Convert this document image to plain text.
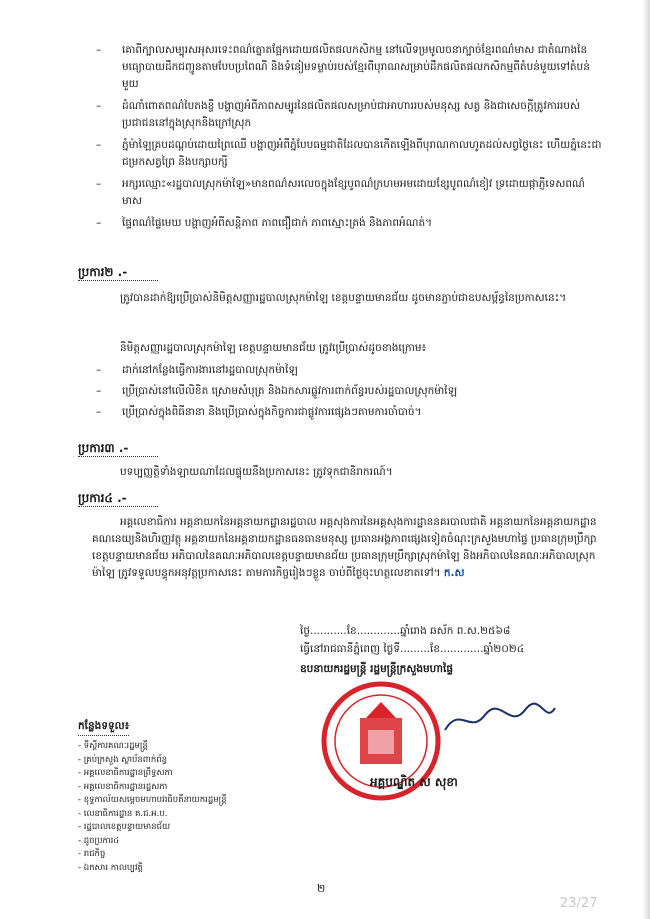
– គោពីក្បាលសម្បុរសអុសរទេះពណ៌ត្នោតផ្អែកដោយផលិតផលកសិកម្ម នៅលើទម្រមូលចនាក្បាច់ខ្មែរពណ៌មាស ជាតំណាងនៃមធ្យោបាយដឹកជញ្ជូនតាមបែបប្រពៃណី និងទំនៀមទម្លាប់របស់ខ្មែរពីបុរាណសម្រាប់ដឹកផលិតផលកសិកម្មពីតំបន់មួយទៅតំបន់មួយ
– ដំណាំពោតពណ៌បៃតងខ្ចី បង្ហាញអំពីភាពសម្បូរនៃផលិតផលសម្រាប់ជាអាហាររបស់មនុស្ស សត្វ និងជាសេចក្ដីត្រូវការរបស់ប្រជាជននៅក្នុងស្រុកនិងក្រៅស្រុក
– ភ្នំម៉ាឡៃគ្របដណ្ដប់ដោយព្រៃឈើ បង្ហាញអំពីភ្នំបែបធម្មជាតិដែលបានកើតឡើងពីបុរាណកាលហូតដល់សព្វថ្ងៃនេះ ហើយភ្នំនេះជាជម្រកសត្វព្រៃ និងបក្សាបក្សី
– អក្សរឈ្មោះ«រដ្ឋបាលស្រុកម៉ាឡៃ»មានពណ៌សរលេចក្នុងខ្សែបូពណ៌ក្រហមអមដោយខ្សែបូពណ៌ខៀវ ទ្រដោយផ្កាភ្ញីទេសពណ៌មាស
– ផ្ទៃពណ៌ផ្ទៃមេឃ បង្ហាញអំពីសន្តិភាព ភាពជឿជាក់ ភាពស្មោះត្រង់ និងភាពអំណត់។
ប្រការ២ .-
ត្រូវបានដាក់ឱ្យប្រើប្រាស់និមិត្តសញ្ញារដ្ឋបាលស្រុកម៉ាឡៃ ខេត្តបន្ទាយមានជ័យ ដូចមានភ្ជាប់ជាឧបសម្ព័ន្ធនៃប្រកាសនេះ។
និមិត្តសញ្ញារដ្ឋបាលស្រុកម៉ាឡៃ ខេត្តបន្ទាយមានជ័យ ត្រូវប្រើប្រាស់ដូចខាងក្រោម៖
– ដាក់នៅកន្លែងធ្វើការងារនៅរដ្ឋបាលស្រុកម៉ាឡៃ
– ប្រើប្រាស់នៅលើលិខិត ស្រោមសំបុត្រ និងឯកសារផ្លូវការពាក់ព័ន្ធរបស់រដ្ឋបាលស្រុកម៉ាឡៃ
– ប្រើប្រាស់ក្នុងពិធីនានា និងប្រើប្រាស់ក្នុងកិច្ចការជាផ្លូវការផ្សេងៗតាមការចាំបាច់។
ប្រការ៣ .-
បទប្បញ្ញត្តិទាំងឡាយណាដែលផ្ទុយនឹងប្រកាសនេះ ត្រូវទុកជានិរាករណ៍។
ប្រការ៤ .-
អគ្គលេខាធិការ អគ្គនាយកនៃអគ្គនាយកដ្ឋានរដ្ឋបាល អគ្គសុងការនៃអគ្គសុងការដ្ឋាននគរបាលជាតិ អគ្គនាយកនៃអគ្គនាយកដ្ឋានគណនេយ្យនិងហិរញ្ញវត្ថុ អគ្គនាយកនៃអគ្គនាយកដ្ឋានធនធានមនុស្ស ប្រធានអង្គភាពផ្សេងទៀតចំណុះក្រសួងមហាផ្ទៃ ប្រធានក្រុមប្រឹក្សាខេត្តបន្ទាយមានជ័យ អភិបាលនៃគណៈអភិបាលខេត្តបន្ទាយមានជ័យ ប្រធានក្រុមប្រឹក្សាស្រុកម៉ាឡៃ និងអភិបាលនៃគណៈអភិបាលស្រុកម៉ាឡៃ ត្រូវទទួលបន្ទុកអនុវត្តប្រកាសនេះ តាមភារកិច្ចរៀងៗខ្លួន ចាប់ពីថ្ងៃចុះហត្ថលេខាតទៅ។ ក.ស
ថ្ងៃ...........ខែ.............ឆ្នាំរោង ឆស័ក ព.ស.២៥៦៨
ធ្វើនៅរាជធានីភ្នំពេញ ថ្ងៃទី.........ខែ.............ឆ្នាំ២០២៤
ឧបនាយករដ្ឋមន្ត្រី រដ្ឋមន្ត្រីក្រសួងមហាផ្ទៃ
អគ្គបណ្ឌិត ស សុខា
កន្លែងទទួល៖
- ទីស្ដីការគណៈរដ្ឋមន្ត្រី
- គ្រប់ក្រសួង ស្ថាប័នពាក់ព័ន្ធ
- អគ្គលេខាធិការដ្ឋានព្រឹទ្ធសភា
- អគ្គលេខាធិការដ្ឋានរដ្ឋសភា
- ខុទ្ទកាល័យសម្ដេចមហាបវរធិបតីនាយករដ្ឋមន្ត្រី
- លេខាធិការដ្ឋាន គ.ជ.អ.ប.
- រដ្ឋបាលខេត្តបន្ទាយមានជ័យ
- ដូចប្រការ៤
- រាជកិច្ច
- ឯកសារ កាលប្បវត្តិ
២
23/27
